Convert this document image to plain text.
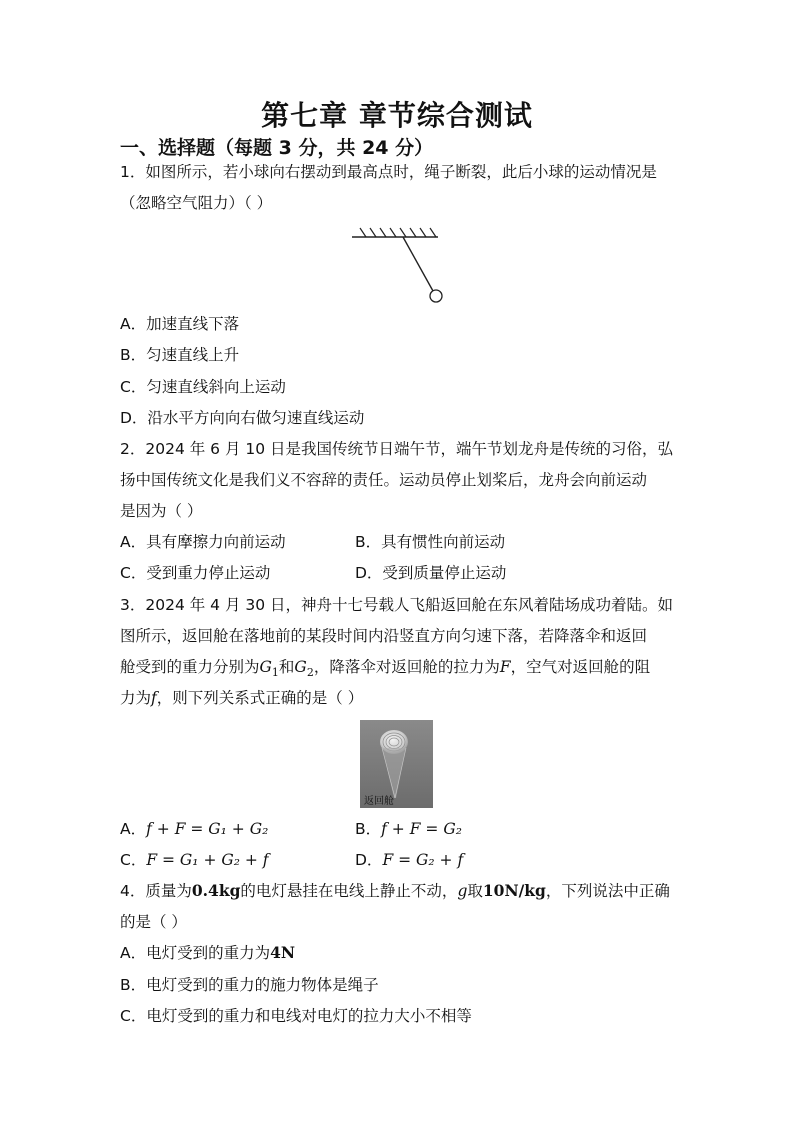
第七章 章节综合测试
一、选择题（每题 3 分，共 24 分）
1．如图所示，若小球向右摆动到最高点时，绳子断裂，此后小球的运动情况是
（忽略空气阻力）（ ）
A．加速直线下落
B．匀速直线上升
C．匀速直线斜向上运动
D．沿水平方向向右做匀速直线运动
2．2024 年 6 月 10 日是我国传统节日端午节，端午节划龙舟是传统的习俗，弘
扬中国传统文化是我们义不容辞的责任。运动员停止划桨后，龙舟会向前运动
是因为（ ）
A．具有摩擦力向前运动	B．具有惯性向前运动
C．受到重力停止运动	D．受到质量停止运动
3．2024 年 4 月 30 日，神舟十七号载人飞船返回舱在东风着陆场成功着陆。如
图所示，返回舱在落地前的某段时间内沿竖直方向匀速下落，若降落伞和返回
舱受到的重力分别为$G_1$和$G_2$，降落伞对返回舱的拉力为F，空气对返回舱的阻
力为f，则下列关系式正确的是（ ）
返回舱
A．f + F = G₁ + G₂	B．f + F = G₂
C．F = G₁ + G₂ + f	D．F = G₂ + f
4．质量为0.4kg的电灯悬挂在电线上静止不动，g取10N/kg，下列说法中正确
的是（ ）
A．电灯受到的重力为4N
B．电灯受到的重力的施力物体是绳子
C．电灯受到的重力和电线对电灯的拉力大小不相等
